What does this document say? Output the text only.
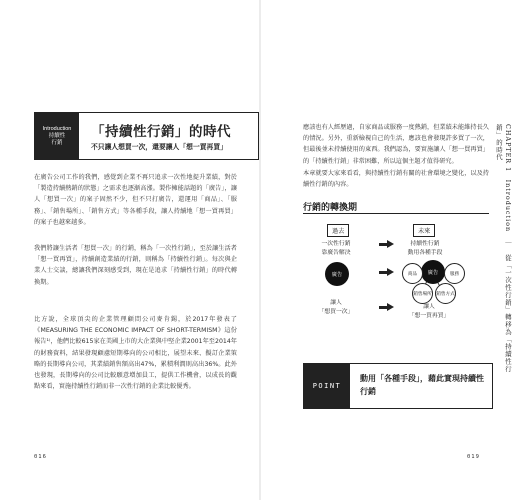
Introduction
持續性
行銷
「持續性行銷」的時代
不只讓人想買一次，還要讓人「想一買再買」
在廣告公司工作的我們，感覺到企業不再只追求一次性地提升業績，對於「製造持續熱銷的狀態」之需求也逐漸高漲。製作擁能話題的「廣告」，讓人「想買一次」的案子固然不少，但不只打廣告，還運用「商品」、「服務」、「銷售場所」、「銷售方式」等各種手段，讓人持續地「想一買再買」的案子也越來越多。
我們將讓生活者「想買一次」的行銷，稱為「一次性行銷」，至於讓生活者「想一買再買」，持續創造業績的行銷，則稱為「持續性行銷」。每次與企業人士交談，總讓我們深刻感受到，現在是追求「持續性行銷」的時代轉換期。
比方說，全球頂尖的企業管理顧問公司麥肯錫，於2017年發表了《MEASURING THE ECONOMIC IMPACT OF SHORT-TERMISM》這份報告¹⁾，他們比較615家在美國上市的大企業與中堅企業2001年至2014年的財務資料，結果發現顧慮短期導向的公司相比，展望未來、擬訂企業策略的長期導向公司，其業績銷售額高出47%，累積利潤則高出36%。此外也發現，長期導向的公司比較願意增加員工，提供工作機會，以成長的觀點來看，實施持續性行銷而非一次性行銷的企業比較優秀。
016
應該也有人經歷過，自家商品或服務一度熱銷，但業績未能維持長久的情況。另外，重新檢視自己的生活，應該也會發現許多買了一次，但最後並未持續使用的東西。我們認為，要實施讓人「想一買再買」的「持續性行銷」非常困難，所以這個主題才值得研究。
本章就要大家來看看，與持續性行銷有關的社會環境之變化，以及持續性行銷的內容。
行銷的轉換期
過去	未來
一次性行銷
靠廣告解決
持續性行銷
動用各種手段
廣告	廣告
商品	服務
銷售場所 銷售方式
讓人
「想買一次」
讓人
「想一買再買」
POINT
動用「各種手段」，藉此實現持續性行銷
CHAPTER 1　Introduction　｜　從「一次性行銷」轉移為「持續性行銷」的時代
019
